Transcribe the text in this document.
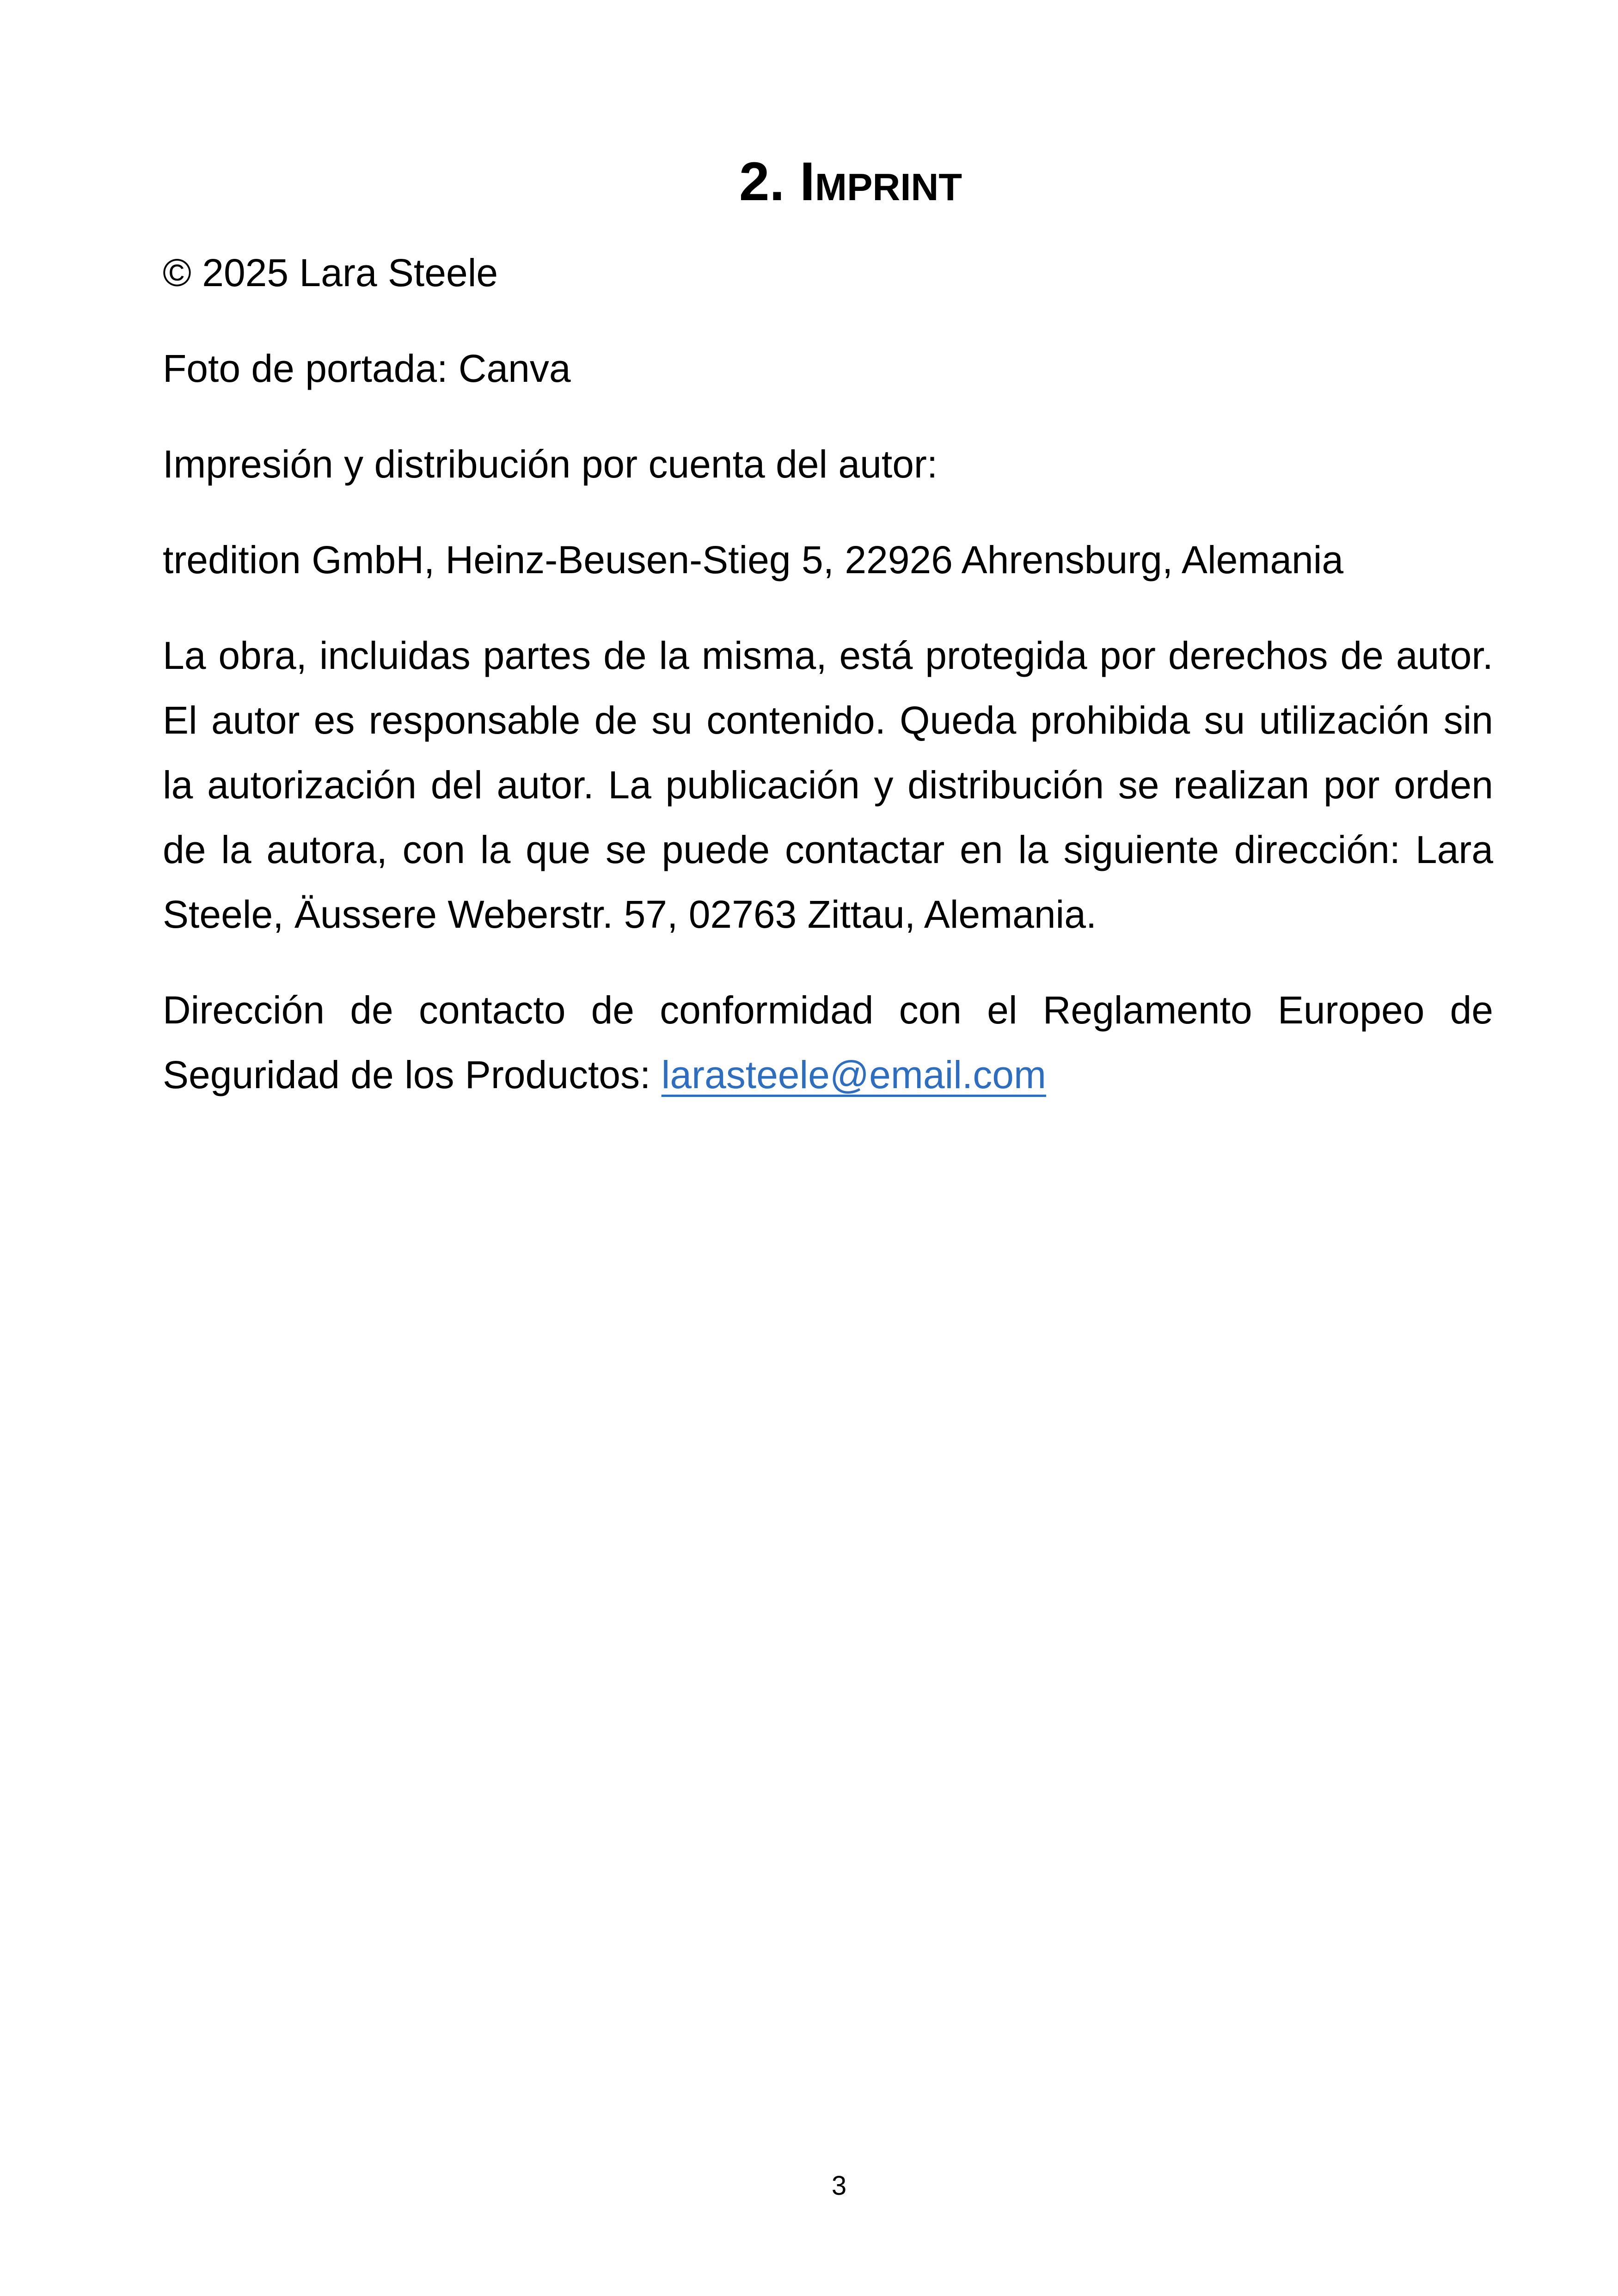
2. Imprint

© 2025 Lara Steele

Foto de portada: Canva

Impresión y distribución por cuenta del autor:

tredition GmbH, Heinz-Beusen-Stieg 5, 22926 Ahrensburg, Alemania

La obra, incluidas partes de la misma, está protegida por derechos de autor. El autor es responsable de su contenido. Queda prohibida su utilización sin la autorización del autor. La publicación y distribución se realizan por orden de la autora, con la que se puede contactar en la siguiente dirección: Lara Steele, Äussere Weberstr. 57, 02763 Zittau, Alemania.

Dirección de contacto de conformidad con el Reglamento Europeo de Seguridad de los Productos: larasteele@email.com

3
